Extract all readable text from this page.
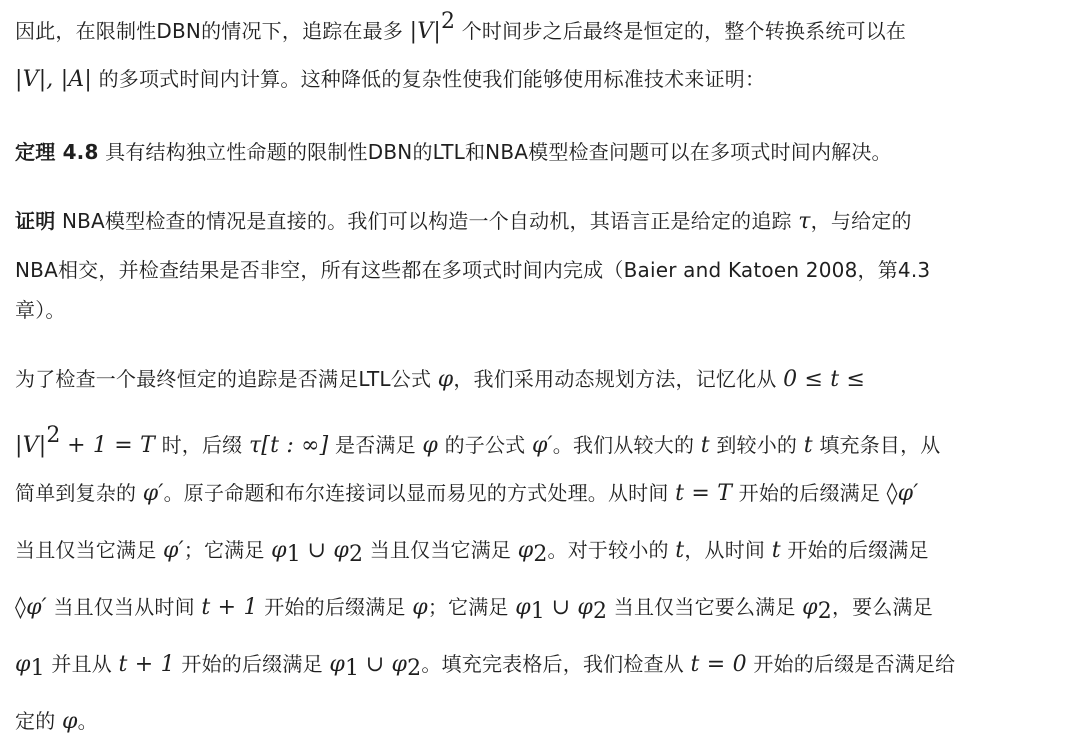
因此，在限制性DBN的情况下，追踪在最多 $|V|^2$ 个时间步之后最终是恒定的，整个转换系统可以在
|V|, |A| 的多项式时间内计算。这种降低的复杂性使我们能够使用标准技术来证明：
定理 4.8 具有结构独立性命题的限制性DBN的LTL和NBA模型检查问题可以在多项式时间内解决。
证明 NBA模型检查的情况是直接的。我们可以构造一个自动机，其语言正是给定的追踪 τ，与给定的
NBA相交，并检查结果是否非空，所有这些都在多项式时间内完成（Baier and Katoen 2008，第4.3
章）。
为了检查一个最终恒定的追踪是否满足LTL公式 φ，我们采用动态规划方法，记忆化从 0 ≤ t ≤
$|V|^2 + 1 = T$ 时，后缀 τ[t : ∞] 是否满足 φ 的子公式 φ′。我们从较大的 t 到较小的 t 填充条目，从
简单到复杂的 φ′。原子命题和布尔连接词以显而易见的方式处理。从时间 t = T 开始的后缀满足 ◊φ′
当且仅当它满足 φ′；它满足 $\varphi_1$ ∪ $\varphi_2$ 当且仅当它满足 $\varphi_2$。对于较小的 t，从时间 t 开始的后缀满足
◊φ′ 当且仅当从时间 t + 1 开始的后缀满足 φ；它满足 $\varphi_1$ ∪ $\varphi_2$ 当且仅当它要么满足 $\varphi_2$，要么满足
$\varphi_1$ 并且从 t + 1 开始的后缀满足 $\varphi_1$ ∪ $\varphi_2$。填充完表格后，我们检查从 t = 0 开始的后缀是否满足给
定的 φ。
